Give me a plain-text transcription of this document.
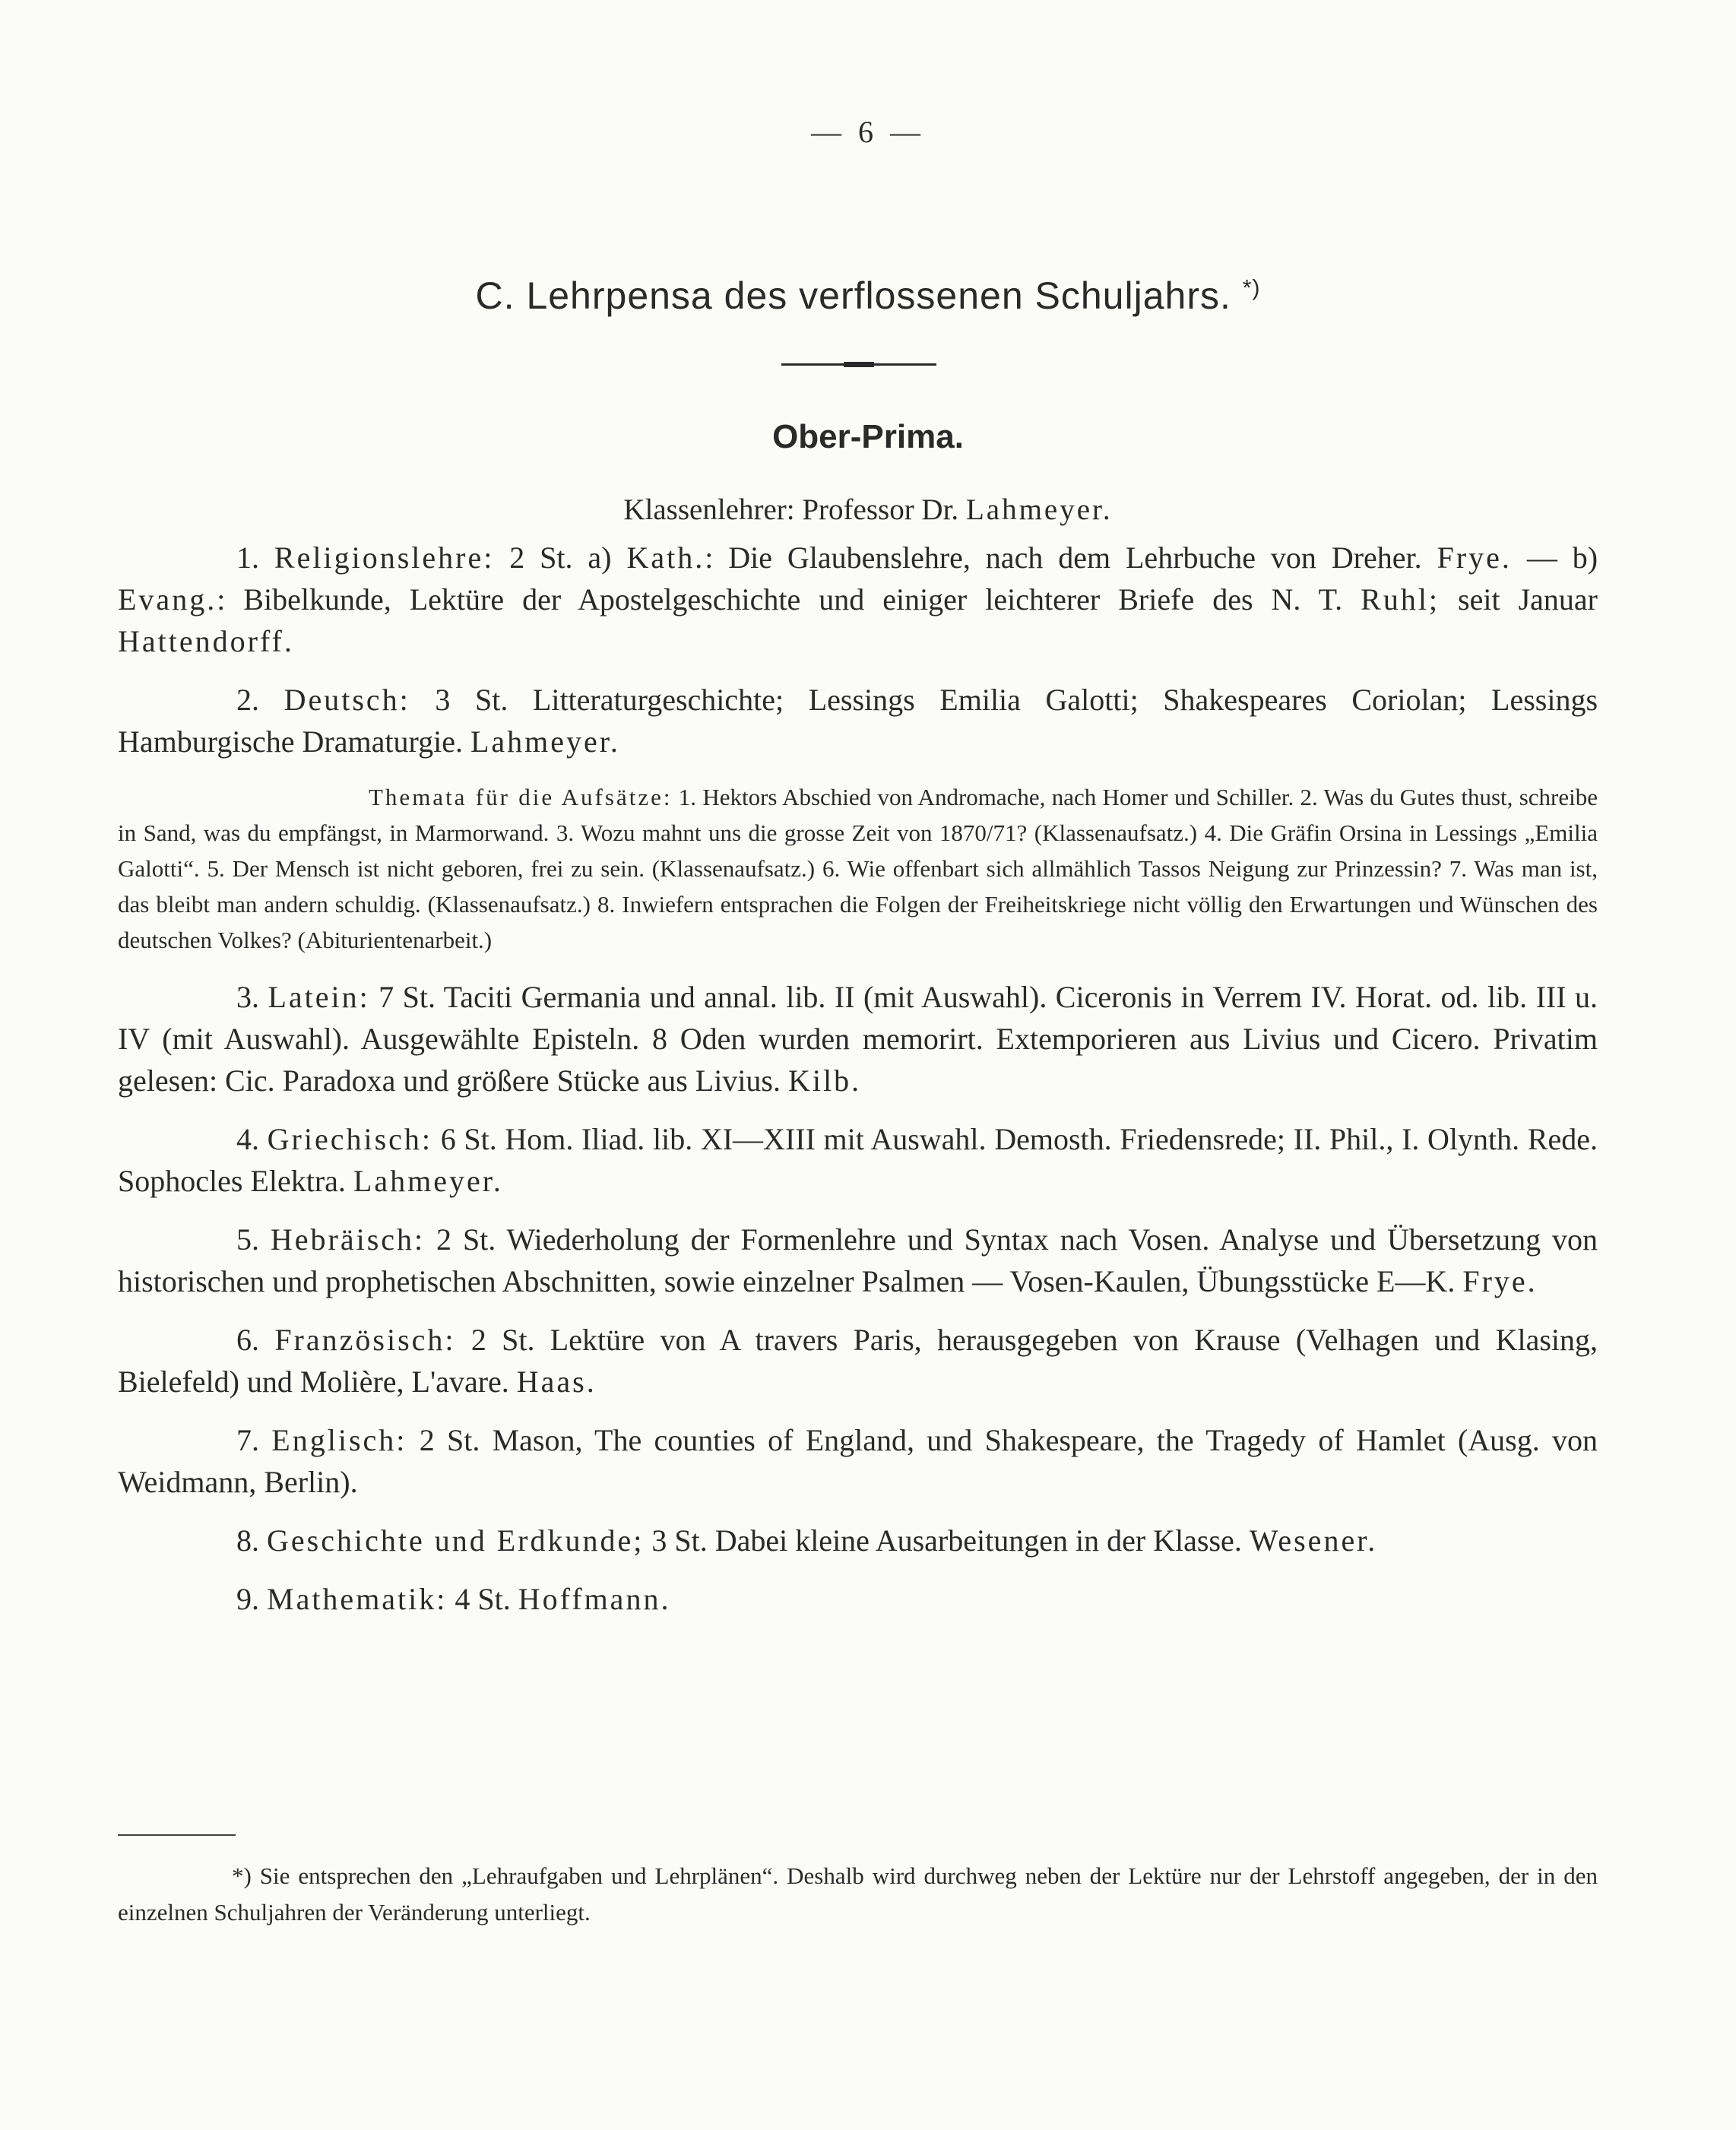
— 6 —
C. Lehrpensa des verflossenen Schuljahrs. *)
Ober-Prima.
Klassenlehrer: Professor Dr. Lahmeyer.

1. Religionslehre: 2 St. a) Kath.: Die Glaubenslehre, nach dem Lehrbuche von Dreher. Frye. — b) Evang.: Bibelkunde, Lektüre der Apostelgeschichte und einiger leichterer Briefe des N. T. Ruhl; seit Januar Hattendorff.

2. Deutsch: 3 St. Litteraturgeschichte; Lessings Emilia Galotti; Shakespeares Coriolan; Lessings Hamburgische Dramaturgie. Lahmeyer.

Themata für die Aufsätze: 1. Hektors Abschied von Andromache, nach Homer und Schiller. 2. Was du Gutes thust, schreibe in Sand, was du empfängst, in Marmorwand. 3. Wozu mahnt uns die grosse Zeit von 1870/71? (Klassenaufsatz.) 4. Die Gräfin Orsina in Lessings „Emilia Galotti“. 5. Der Mensch ist nicht geboren, frei zu sein. (Klassenaufsatz.) 6. Wie offenbart sich allmählich Tassos Neigung zur Prinzessin? 7. Was man ist, das bleibt man andern schuldig. (Klassenaufsatz.) 8. Inwiefern entsprachen die Folgen der Freiheitskriege nicht völlig den Erwartungen und Wünschen des deutschen Volkes? (Abiturientenarbeit.)

3. Latein: 7 St. Taciti Germania und annal. lib. II (mit Auswahl). Ciceronis in Verrem IV. Horat. od. lib. III u. IV (mit Auswahl). Ausgewählte Episteln. 8 Oden wurden memorirt. Extemporieren aus Livius und Cicero. Privatim gelesen: Cic. Paradoxa und größere Stücke aus Livius. Kilb.

4. Griechisch: 6 St. Hom. Iliad. lib. XI—XIII mit Auswahl. Demosth. Friedensrede; II. Phil., I. Olynth. Rede. Sophocles Elektra. Lahmeyer.

5. Hebräisch: 2 St. Wiederholung der Formenlehre und Syntax nach Vosen. Analyse und Übersetzung von historischen und prophetischen Abschnitten, sowie einzelner Psalmen — Vosen-Kaulen, Übungsstücke E—K. Frye.

6. Französisch: 2 St. Lektüre von A travers Paris, herausgegeben von Krause (Velhagen und Klasing, Bielefeld) und Molière, L'avare. Haas.

7. Englisch: 2 St. Mason, The counties of England, und Shakespeare, the Tragedy of Hamlet (Ausg. von Weidmann, Berlin).

8. Geschichte und Erdkunde; 3 St. Dabei kleine Ausarbeitungen in der Klasse. Wesener.

9. Mathematik: 4 St. Hoffmann.

*) Sie entsprechen den „Lehraufgaben und Lehrplänen“. Deshalb wird durchweg neben der Lektüre nur der Lehrstoff angegeben, der in den einzelnen Schuljahren der Veränderung unterliegt.
